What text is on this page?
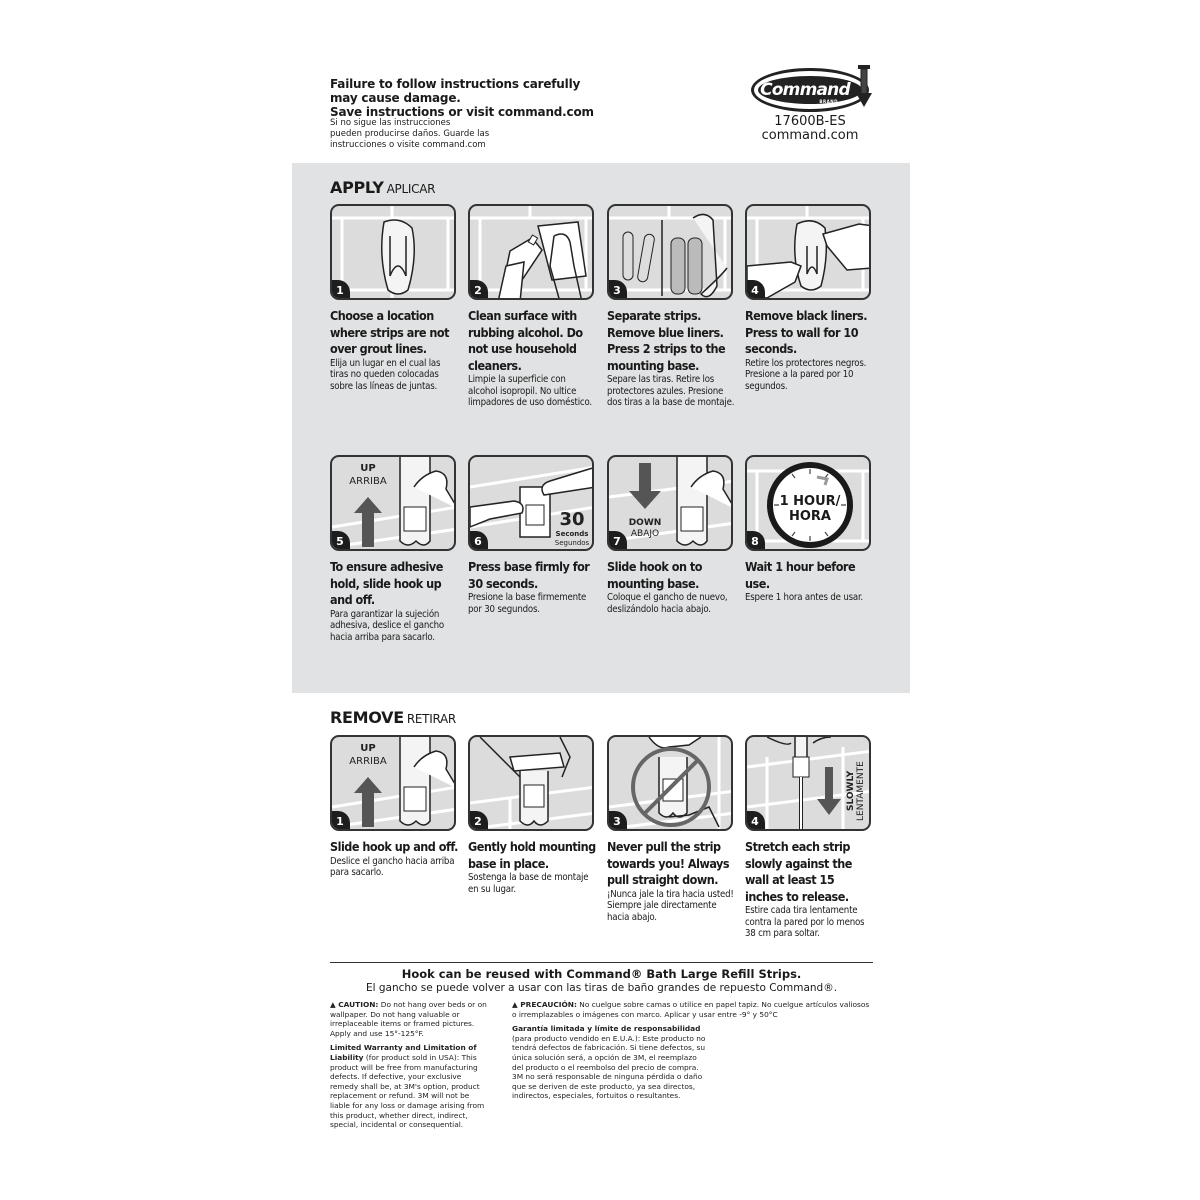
Failure to follow instructions carefully
may cause damage.
Save instructions or visit command.com
Si no sigue las instrucciones
pueden producirse daños. Guarde las
instrucciones o visite command.com
Command
BRAND
17600B-ES
command.com
APPLY APLICAR
1
Choose a location where strips are not over grout lines.
Elija un lugar en el cual las tiras no queden colocadas sobre las líneas de juntas.
2
Clean surface with rubbing alcohol. Do not use household cleaners.
Limpie la superficie con alcohol isopropil. No ultice limpadores de uso doméstico.
3
Separate strips. Remove blue liners. Press 2 strips to the mounting base.
Separe las tiras. Retire los protectores azules. Presione dos tiras a la base de montaje.
4
Remove black liners. Press to wall for 10 seconds.
Retire los protectores negros. Presione a la pared por 10 segundos.
UP
ARRIBA
5
To ensure adhesive hold, slide hook up and off.
Para garantizar la sujeción adhesiva, deslice el gancho hacia arriba para sacarlo.
30
Seconds
Segundos
6
Press base firmly for 30 seconds.
Presione la base firmemente por 30 segundos.
DOWN
ABAJO
7
Slide hook on to mounting base.
Coloque el gancho de nuevo, deslizándolo hacia abajo.
1 HOUR/
HORA
8
Wait 1 hour before use.
Espere 1 hora antes de usar.
REMOVE RETIRAR
UP
ARRIBA
1
Slide hook up and off.
Deslice el gancho hacia arriba para sacarlo.
2
Gently hold mounting base in place.
Sostenga la base de montaje en su lugar.
3
Never pull the strip towards you! Always pull straight down.
¡Nunca jale la tira hacia usted! Siempre jale directamente hacia abajo.
SLOWLY LENTAMENTE
4
Stretch each strip slowly against the wall at least 15 inches to release.
Estire cada tira lentamente contra la pared por lo menos 38 cm para soltar.
Hook can be reused with Command® Bath Large Refill Strips.
El gancho se puede volver a usar con las tiras de baño grandes de repuesto Command®.

▲ CAUTION: Do not hang over beds or on wallpaper. Do not hang valuable or irreplaceable items or framed pictures. Apply and use 15°-125°F.

Limited Warranty and Limitation of Liability (for product sold in USA): This product will be free from manufacturing defects. If defective, your exclusive remedy shall be, at 3M's option, product replacement or refund. 3M will not be liable for any loss or damage arising from this product, whether direct, indirect, special, incidental or consequential.

▲ PRECAUCIÓN: No cuelgue sobre camas o utilice en papel tapiz. No cuelgue artículos valiosos o irremplazables o imágenes con marco. Aplicar y usar entre -9° y 50°C

Garantía limitada y límite de responsabilidad (para producto vendido en E.U.A.): Este producto no tendrá defectos de fabricación. Si tiene defectos, su única solución será, a opción de 3M, el reemplazo del producto o el reembolso del precio de compra. 3M no será responsable de ninguna pérdida o daño que se deriven de este producto, ya sea directos, indirectos, especiales, fortuitos o resultantes.
